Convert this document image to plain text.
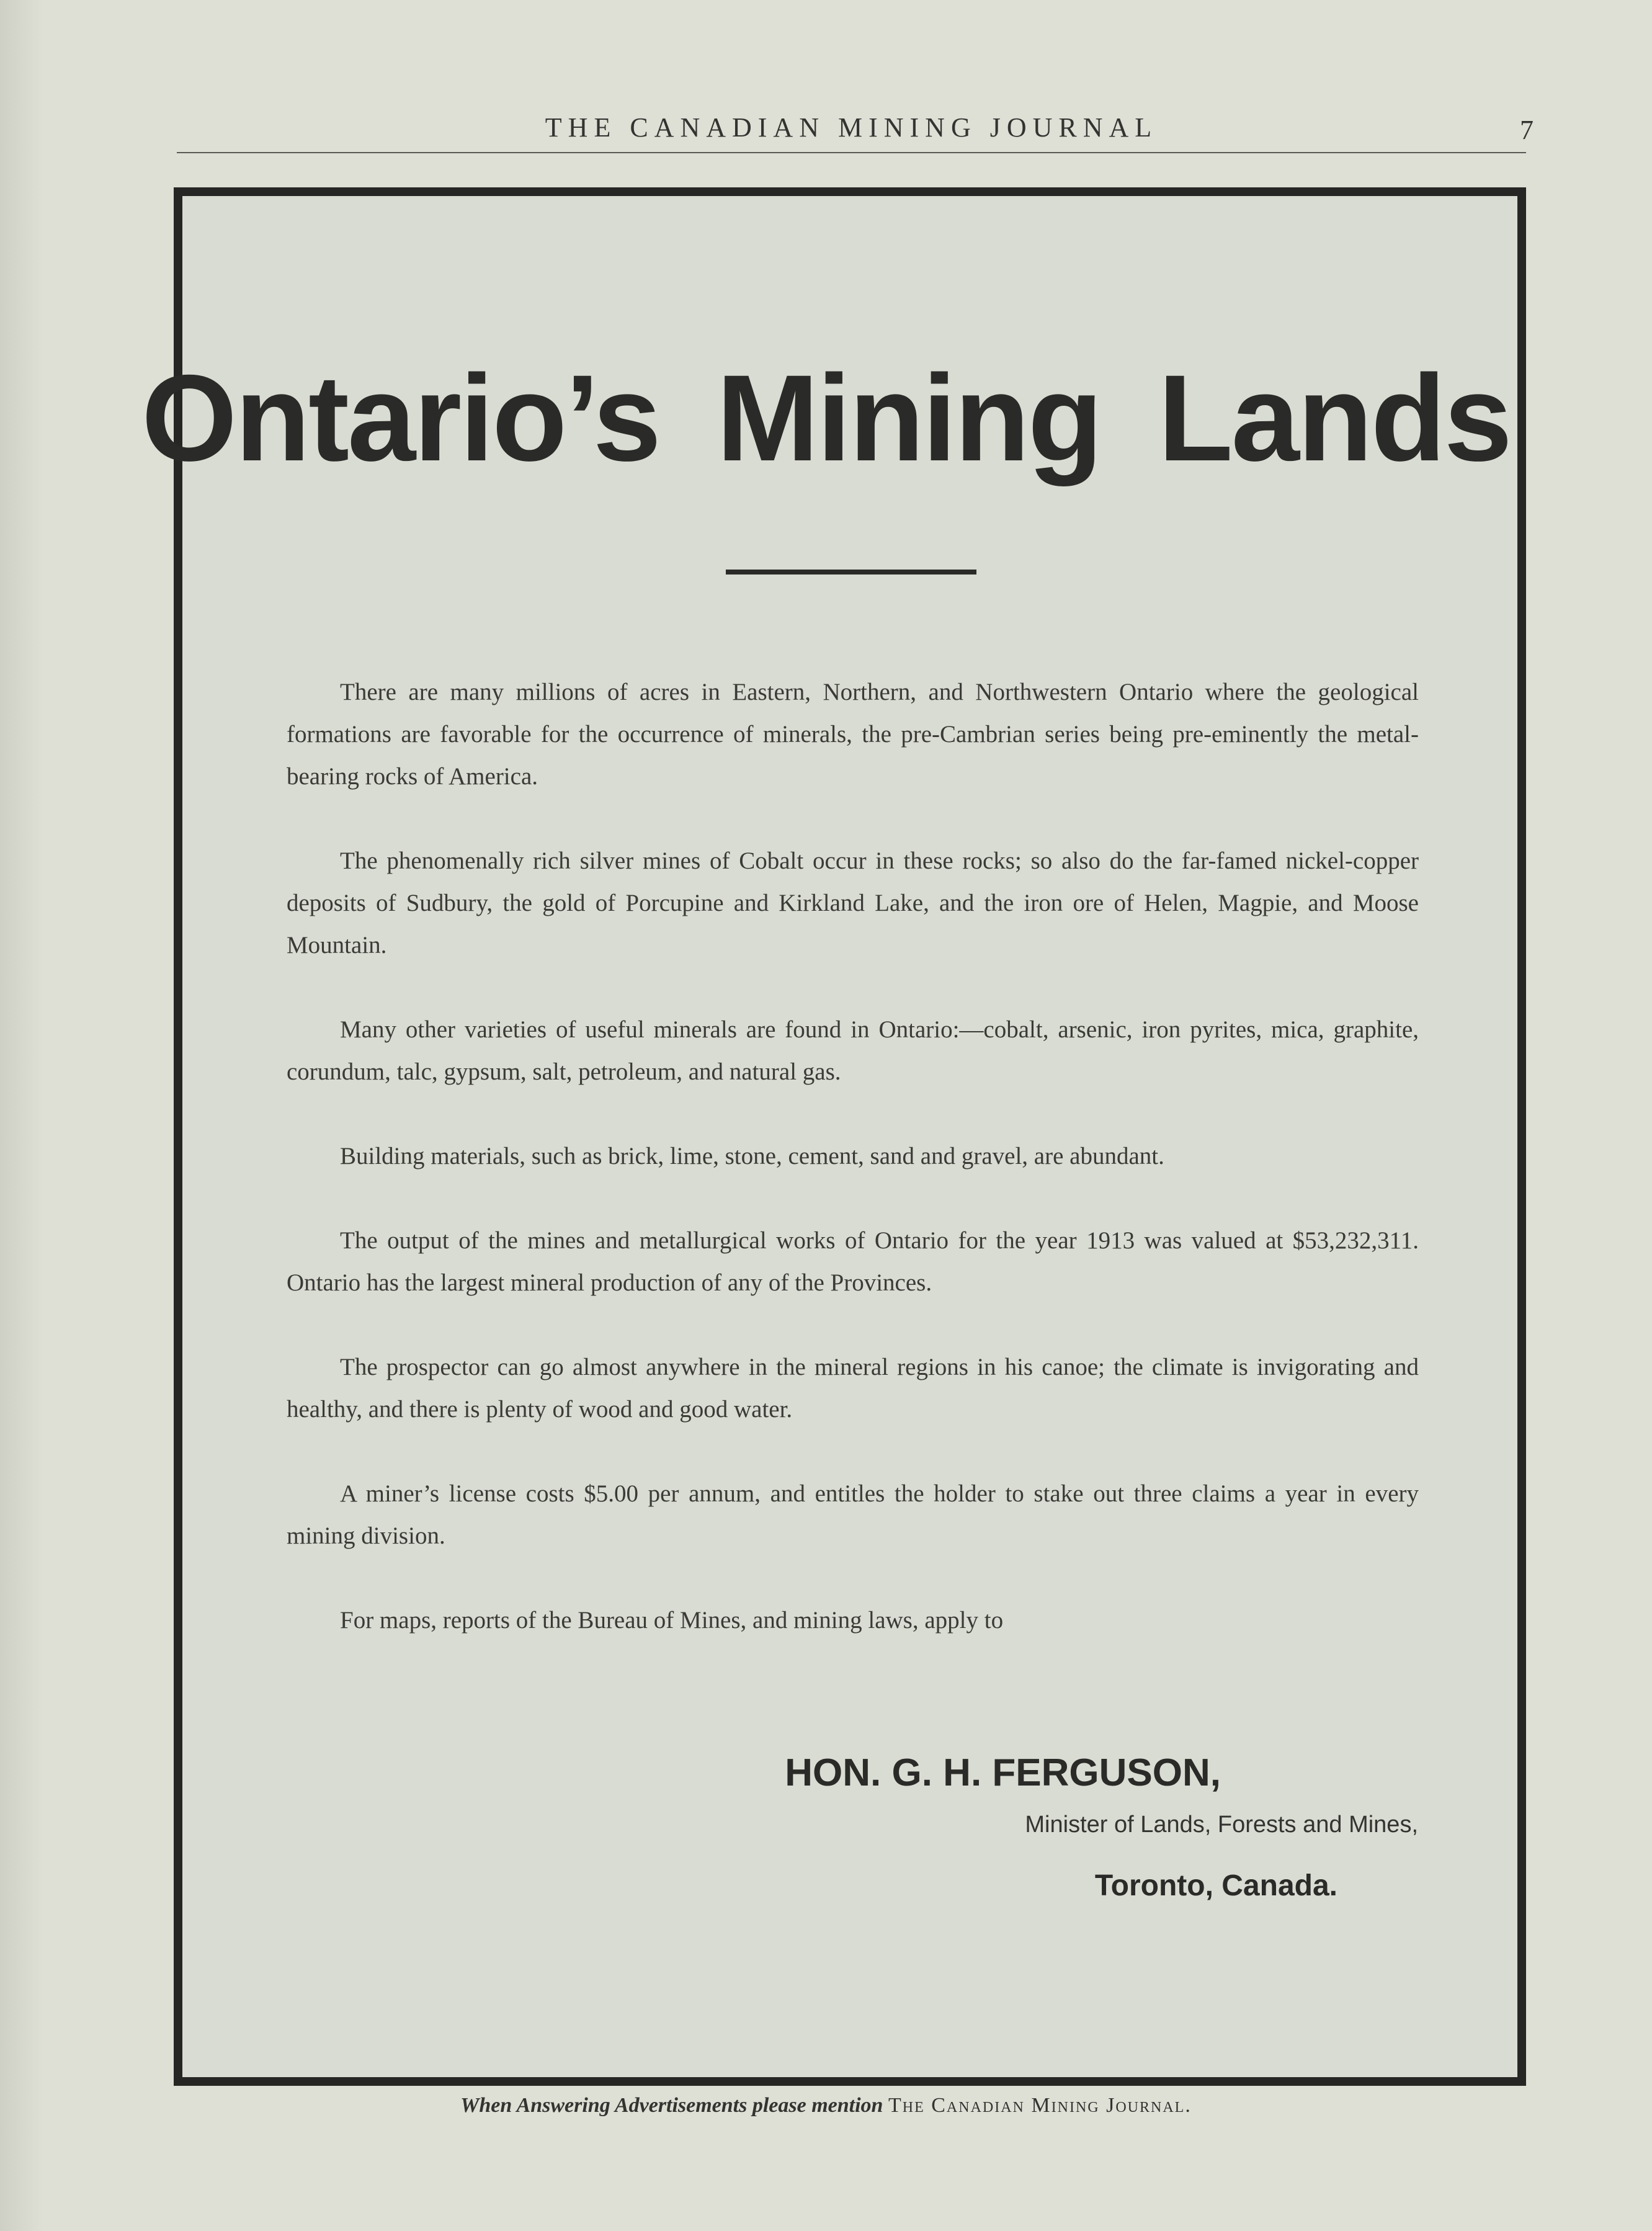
THE CANADIAN MINING JOURNAL	7
Ontario’s Mining Lands

There are many millions of acres in Eastern, Northern, and Northwestern Ontario where the geological formations are favorable for the occurrence of minerals, the pre-Cambrian series being pre-eminently the metal-bearing rocks of America.

The phenomenally rich silver mines of Cobalt occur in these rocks; so also do the far-famed nickel-copper deposits of Sudbury, the gold of Porcupine and Kirkland Lake, and the iron ore of Helen, Magpie, and Moose Mountain.

Many other varieties of useful minerals are found in Ontario:—cobalt, arsenic, iron pyrites, mica, graphite, corundum, talc, gypsum, salt, petroleum, and natural gas.

Building materials, such as brick, lime, stone, cement, sand and gravel, are abundant.

The output of the mines and metallurgical works of Ontario for the year 1913 was valued at $53,232,311. Ontario has the largest mineral production of any of the Provinces.

The prospector can go almost anywhere in the mineral regions in his canoe; the climate is invigorating and healthy, and there is plenty of wood and good water.

A miner’s license costs $5.00 per annum, and entitles the holder to stake out three claims a year in every mining division.

For maps, reports of the Bureau of Mines, and mining laws, apply to

HON. G. H. FERGUSON,
Minister of Lands, Forests and Mines,
Toronto, Canada.
When Answering Advertisements please mention The Canadian Mining Journal.
